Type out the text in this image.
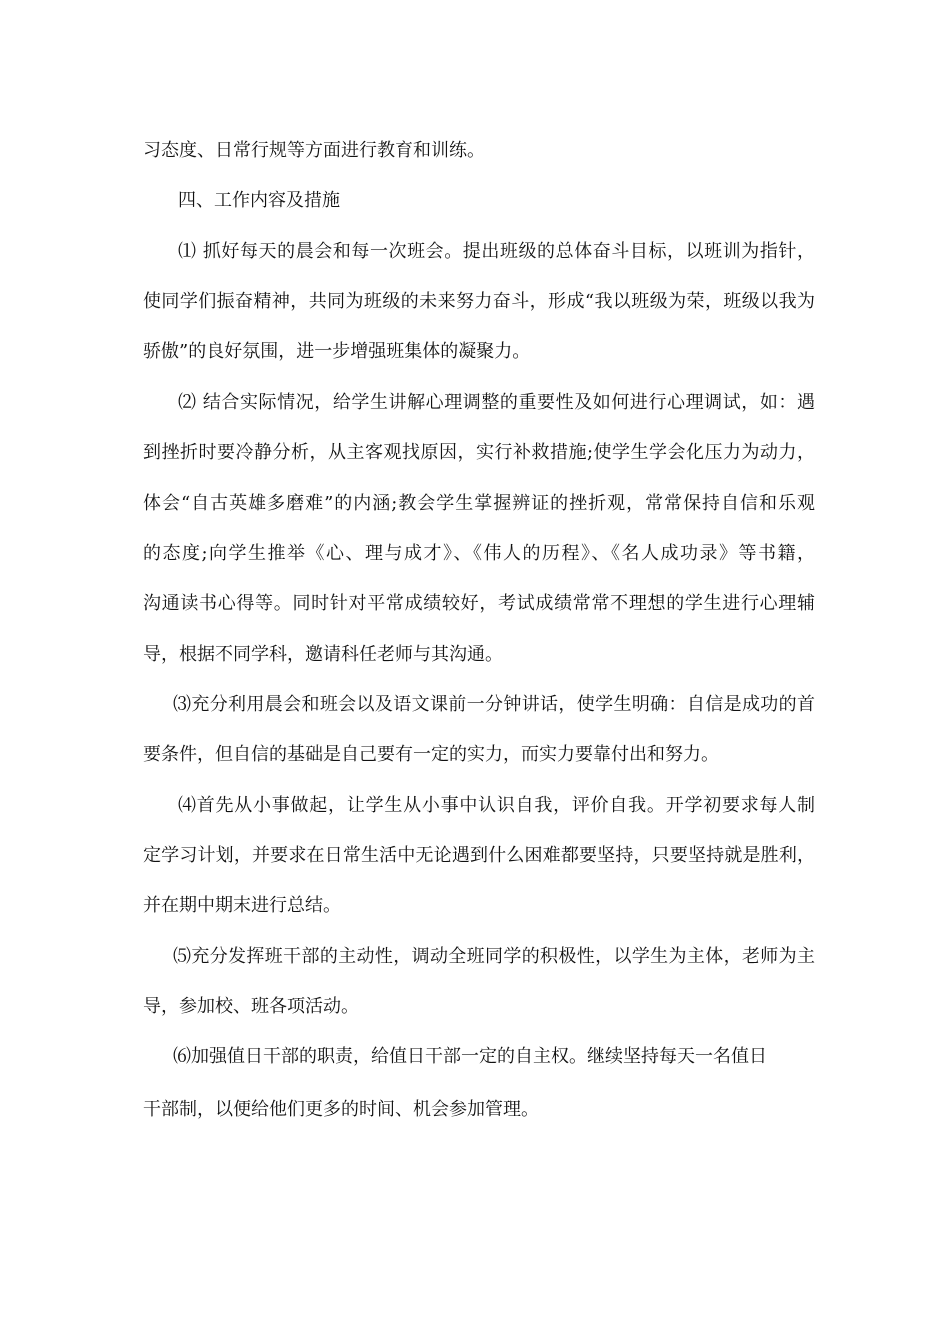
习态度、日常行规等方面进行教育和训练。

四、工作内容及措施

⑴ 抓好每天的晨会和每一次班会。提出班级的总体奋斗目标，以班训为指针，

使同学们振奋精神，共同为班级的未来努力奋斗，形成“我以班级为荣，班级以我为

骄傲”的良好氛围，进一步增强班集体的凝聚力。

⑵ 结合实际情况，给学生讲解心理调整的重要性及如何进行心理调试，如：遇

到挫折时要冷静分析，从主客观找原因，实行补救措施;使学生学会化压力为动力，

体会“自古英雄多磨难”的内涵;教会学生掌握辨证的挫折观，常常保持自信和乐观

的态度;向学生推举《心、理与成才》、《伟人的历程》、《名人成功录》等书籍，

沟通读书心得等。同时针对平常成绩较好，考试成绩常常不理想的学生进行心理辅

导，根据不同学科，邀请科任老师与其沟通。

⑶充分利用晨会和班会以及语文课前一分钟讲话，使学生明确：自信是成功的首

要条件，但自信的基础是自己要有一定的实力，而实力要靠付出和努力。

⑷首先从小事做起，让学生从小事中认识自我，评价自我。开学初要求每人制

定学习计划，并要求在日常生活中无论遇到什么困难都要坚持，只要坚持就是胜利，

并在期中期末进行总结。

⑸充分发挥班干部的主动性，调动全班同学的积极性，以学生为主体，老师为主

导，参加校、班各项活动。

⑹加强值日干部的职责，给值日干部一定的自主权。继续坚持每天一名值日

干部制，以便给他们更多的时间、机会参加管理。
